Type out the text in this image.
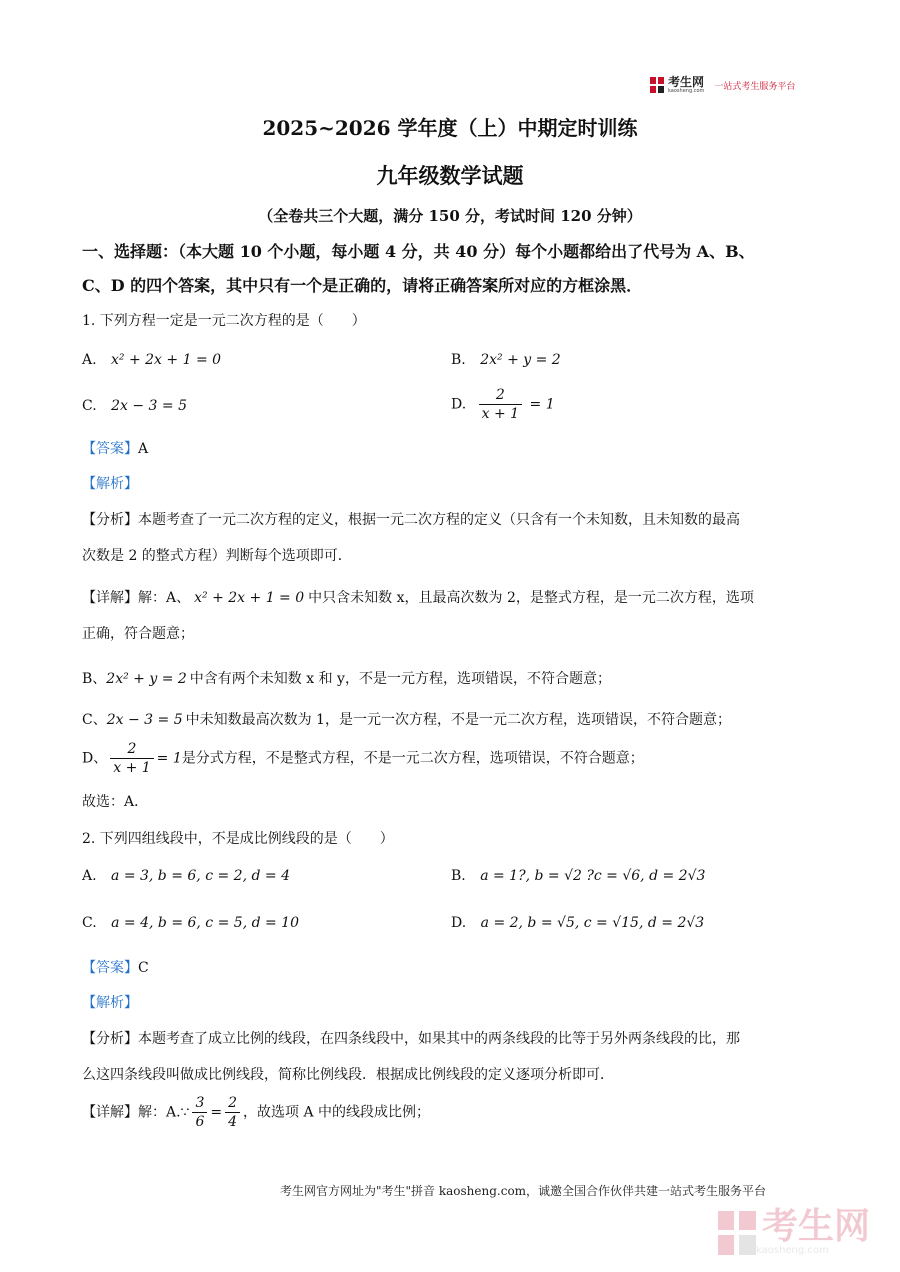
考生网
kaosheng.com 一站式考生服务平台
2025~2026 学年度（上）中期定时训练
九年级数学试题
（全卷共三个大题，满分 150 分，考试时间 120 分钟）
一、选择题：（本大题 10 个小题，每小题 4 分，共 40 分）每个小题都给出了代号为 A、B、
C、D 的四个答案，其中只有一个是正确的，请将正确答案所对应的方框涂黑．
1. 下列方程一定是一元二次方程的是（　　）
A. x² + 2x + 1 = 0	B. 2x² + y = 2
C. 2x − 3 = 5	D. $\frac{2}{x + 1} = 1$
【答案】A
【解析】
【分析】本题考查了一元二次方程的定义，根据一元二次方程的定义（只含有一个未知数，且未知数的最高
次数是 2 的整式方程）判断每个选项即可．
【详解】解：A、 x² + 2x + 1 = 0 中只含未知数 x，且最高次数为 2，是整式方程，是一元二次方程，选项
正确，符合题意；
B、2x² + y = 2 中含有两个未知数 x 和 y，不是一元方程，选项错误，不符合题意；
C、2x − 3 = 5 中未知数最高次数为 1，是一元一次方程，不是一元二次方程，选项错误，不符合题意；
D、 $\frac{2}{x + 1} = 1$是分式方程，不是整式方程，不是一元二次方程，选项错误，不符合题意；
故选：A．
2. 下列四组线段中，不是成比例线段的是（　　）
A. a = 3, b = 6, c = 2, d = 4	B. a = 1?, b = √2 ?c = √6, d = 2√3
C. a = 4, b = 6, c = 5, d = 10	D. a = 2, b = √5, c = √15, d = 2√3
【答案】C
【解析】
【分析】本题考查了成立比例的线段，在四条线段中，如果其中的两条线段的比等于另外两条线段的比，那
么这四条线段叫做成比例线段，简称比例线段．根据成比例线段的定义逐项分析即可．
【详解】解：A.∵ $\frac{3}{6} = \frac{2}{4}$ ，故选项 A 中的线段成比例；
考生网官方网址为"考生"拼音 kaosheng.com，诚邀全国合作伙伴共建一站式考生服务平台
考生网
kaosheng.com
